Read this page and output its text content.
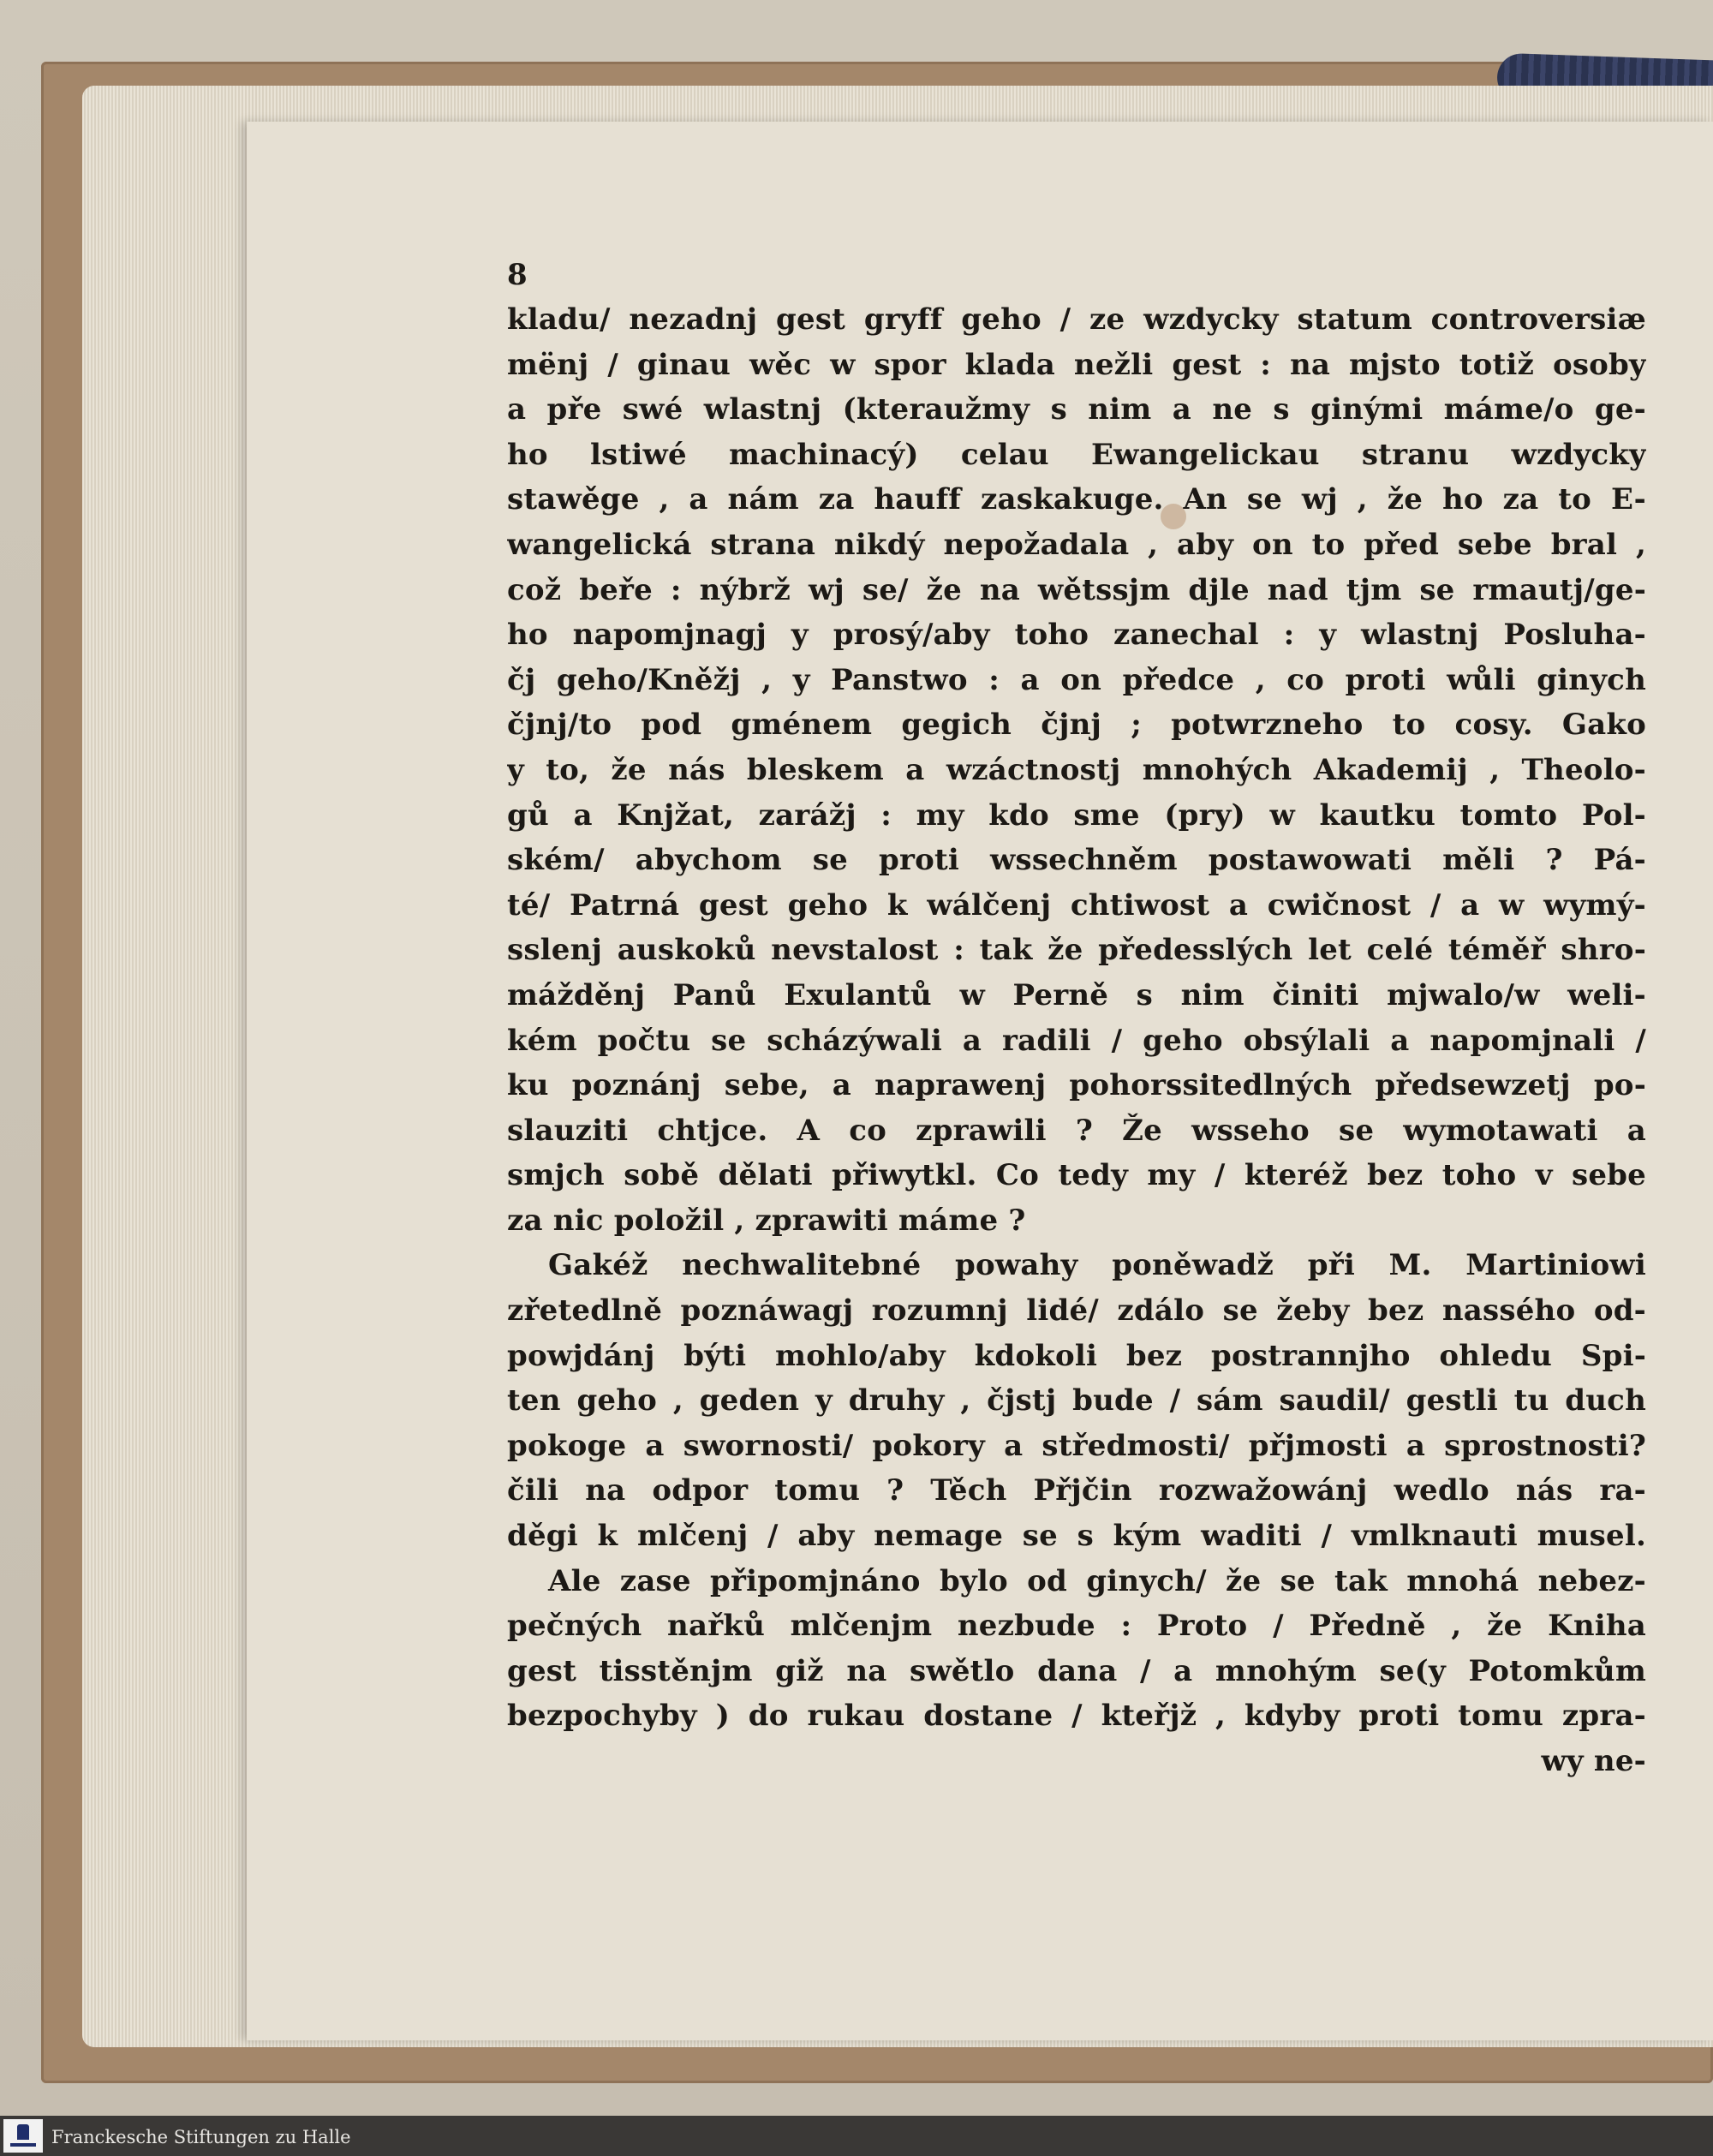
8
kladu/ nezadnj gest gryff geho / ze wzdycky statum controversiæ
mënj / ginau wěc w spor klada nežli gest : na mjsto totiž osoby
a pře swé wlastnj (kteraužmy s nim a ne s ginými máme/o ge-
ho lstiwé machinacý) celau Ewangelickau stranu wzdycky
stawěge , a nám za hauff zaskakuge. An se wj , že ho za to E-
wangelická strana nikdý nepožadala , aby on to před sebe bral ,
což beře : nýbrž wj se/ že na wětssjm djle nad tjm se rmautj/ge-
ho napomjnagj y prosý/aby toho zanechal : y wlastnj Posluha-
čj geho/Kněžj , y Panstwo : a on předce , co proti wůli ginych
čjnj/to pod gménem gegich čjnj ; potwrzneho to cosy. Gako
y to, že nás bleskem a wzáctnostj mnohých Akademij , Theolo-
gů a Knjžat, zarážj : my kdo sme (pry) w kautku tomto Pol-
ském/ abychom se proti wssechněm postawowati měli ? Pá-
té/ Patrná gest geho k wálčenj chtiwost a cwičnost / a w wymý-
sslenj auskoků nevstalost : tak že předesslých let celé téměř shro-
mážděnj Panů Exulantů w Perně s nim činiti mjwalo/w weli-
kém počtu se scházýwali a radili / geho obsýlali a napomjnali /
ku poznánj sebe, a naprawenj pohorssitedlných předsewzetj po-
slauziti chtjce. A co zprawili ? Že wsseho se wymotawati a
smjch sobě dělati přiwytkl. Co tedy my / kteréž bez toho v sebe
za nic položil , zprawiti máme ?
Gakéž nechwalitebné powahy poněwadž při M. Martiniowi
zřetedlně poznáwagj rozumnj lidé/ zdálo se žeby bez nassého od-
powjdánj býti mohlo/aby kdokoli bez postrannjho ohledu Spi-
ten geho , geden y druhy , čjstj bude / sám saudil/ gestli tu duch
pokoge a swornosti/ pokory a středmosti/ přjmosti a sprostnosti?
čili na odpor tomu ? Těch Přjčin rozwažowánj wedlo nás ra-
děgi k mlčenj / aby nemage se s kým waditi / vmlknauti musel.
Ale zase připomjnáno bylo od ginych/ že se tak mnohá nebez-
pečných nařků mlčenjm nezbude : Proto / Předně , že Kniha
gest tisstěnjm giž na swětlo dana / a mnohým se(y Potomkům
bezpochyby ) do rukau dostane / kteřjž , kdyby proti tomu zpra-
wy ne-
Franckesche Stiftungen zu Halle
